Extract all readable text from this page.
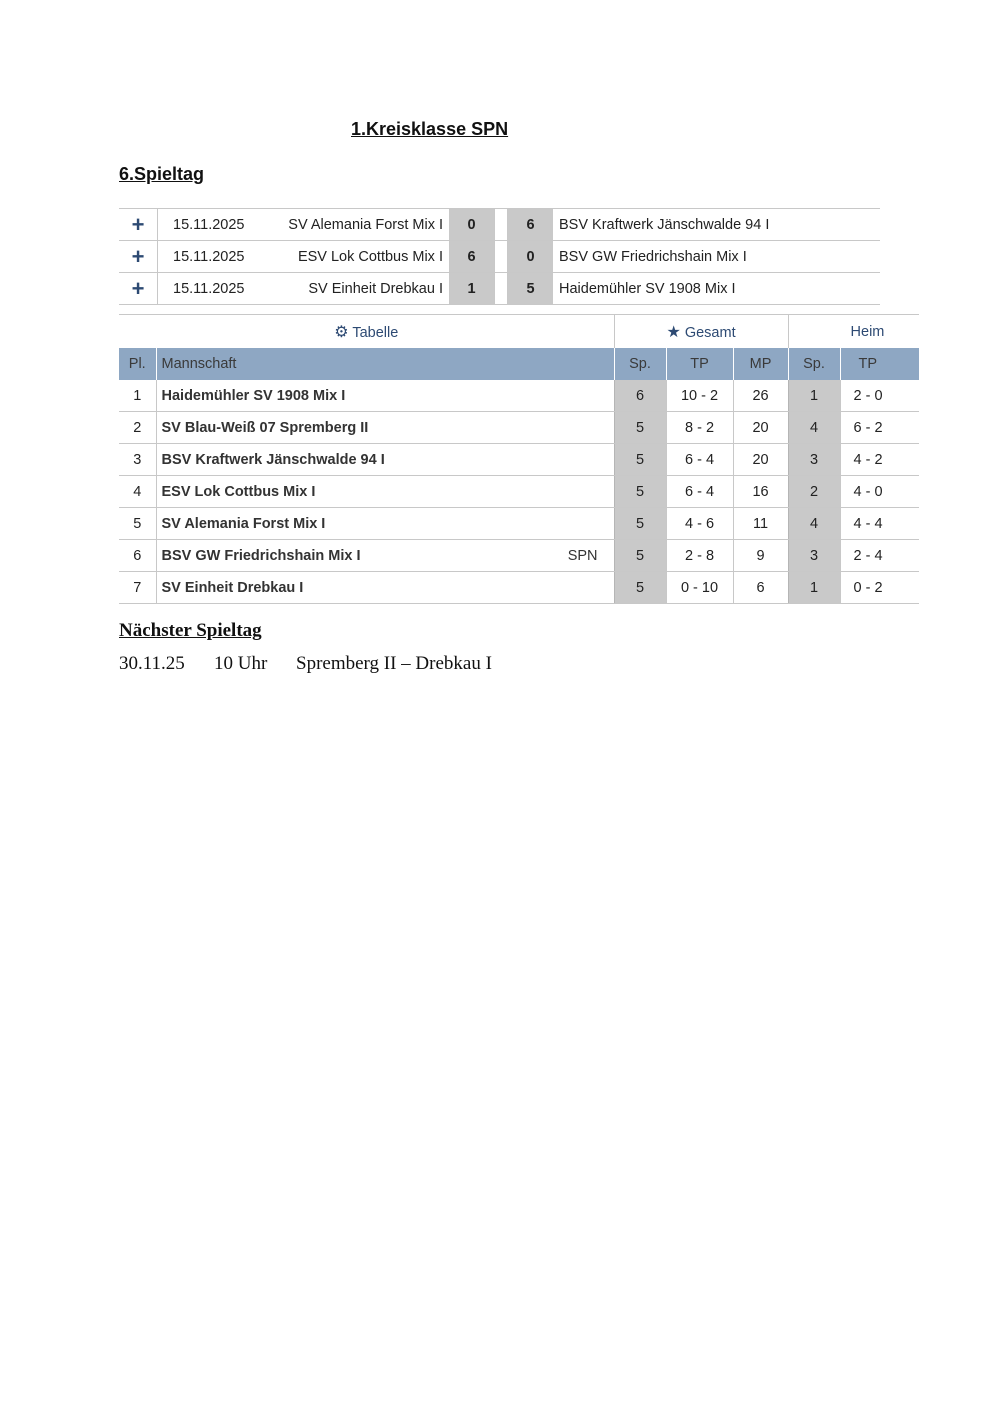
1.Kreisklasse SPN
6.Spieltag
+	15.11.2025	SV Alemania Forst Mix I	0		6	BSV Kraftwerk Jänschwalde 94 I
+	15.11.2025	ESV Lok Cottbus Mix I	6		0	BSV GW Friedrichshain Mix I
+	15.11.2025	SV Einheit Drebkau I	1		5	Haidemühler SV 1908 Mix I
⚙ Tabelle		★ Gesamt			Heim	
Pl.	Mannschaft	Sp.	TP	MP	Sp.	TP
1	Haidemühler SV 1908 Mix I	6	10 - 2	26	1	2 - 0
2	SV Blau-Weiß 07 Spremberg II	5	8 - 2	20	4	6 - 2
3	BSV Kraftwerk Jänschwalde 94 I	5	6 - 4	20	3	4 - 2
4	ESV Lok Cottbus Mix I	5	6 - 4	16	2	4 - 0
5	SV Alemania Forst Mix I	5	4 - 6	11	4	4 - 4
6	BSV GW Friedrichshain Mix I SPN	5	2 - 8	9	3	2 - 4
7	SV Einheit Drebkau I	5	0 - 10	6	1	0 - 2
Nächster Spieltag
30.11.25 10 Uhr Spremberg II – Drebkau I
